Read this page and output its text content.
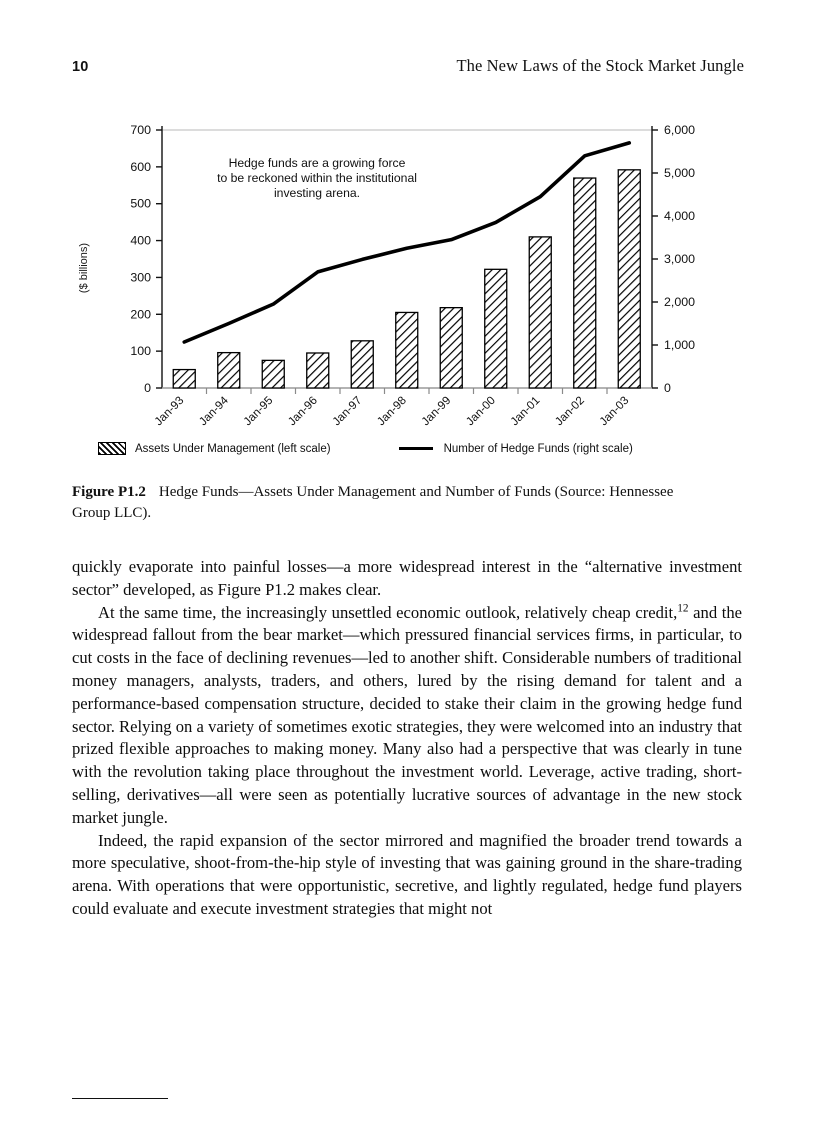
10	The New Laws of the Stock Market Jungle
($ billions)
0
100
200
300
400
500
600
700
0
1,000
2,000
3,000
4,000
5,000
6,000
Jan-93 Jan-94 Jan-95 Jan-96 Jan-97 Jan-98 Jan-99 Jan-00 Jan-01 Jan-02 Jan-03
Hedge funds are a growing force
to be reckoned within the institutional
investing arena.
Assets Under Management (left scale)	Number of Hedge Funds (right scale)
Figure P1.2 Hedge Funds—Assets Under Management and Number of Funds (Source: Hennessee Group LLC).

quickly evaporate into painful losses—a more widespread interest in the “alternative investment sector” developed, as Figure P1.2 makes clear.

At the same time, the increasingly unsettled economic outlook, relatively cheap credit,$^{12}$ and the widespread fallout from the bear market—which pressured financial services firms, in particular, to cut costs in the face of declining revenues—led to another shift. Considerable numbers of traditional money managers, analysts, traders, and others, lured by the rising demand for talent and a performance-based compensation structure, decided to stake their claim in the growing hedge fund sector. Relying on a variety of sometimes exotic strategies, they were welcomed into an industry that prized flexible approaches to making money. Many also had a perspective that was clearly in tune with the revolution taking place throughout the investment world. Leverage, active trading, short-selling, derivatives—all were seen as potentially lucrative sources of advantage in the new stock market jungle.

Indeed, the rapid expansion of the sector mirrored and magnified the broader trend towards a more speculative, shoot-from-the-hip style of investing that was gaining ground in the share-trading arena. With operations that were opportunistic, secretive, and lightly regulated, hedge fund players could evaluate and execute investment strategies that might not
